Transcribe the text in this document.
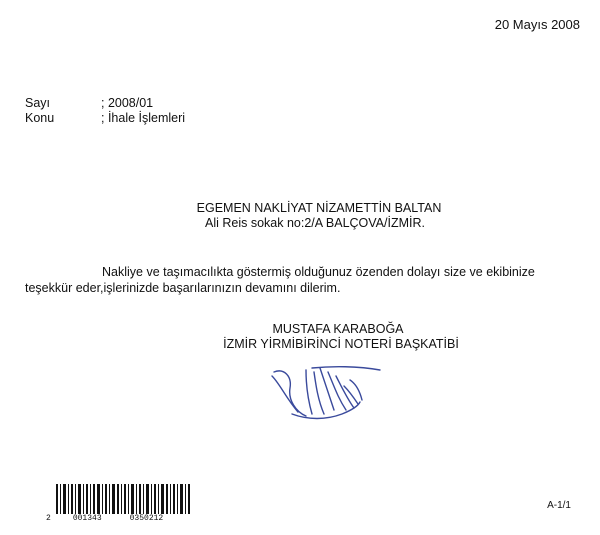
20 Mayıs 2008
Sayı	; 2008/01
Konu	; İhale İşlemleri
EGEMEN NAKLİYAT NİZAMETTİN BALTAN
Ali Reis sokak no:2/A BALÇOVA/İZMİR.
Nakliye ve taşımacılıkta göstermiş olduğunuz özenden dolayı size ve ekibinize teşekkür eder,işlerinizde başarılarınızın devamını dilerim.
MUSTAFA KARABOĞA
İZMİR YİRMİBİRİNCİ NOTERİ BAŞKATİBİ
2	001343	0350212
A-1/1
